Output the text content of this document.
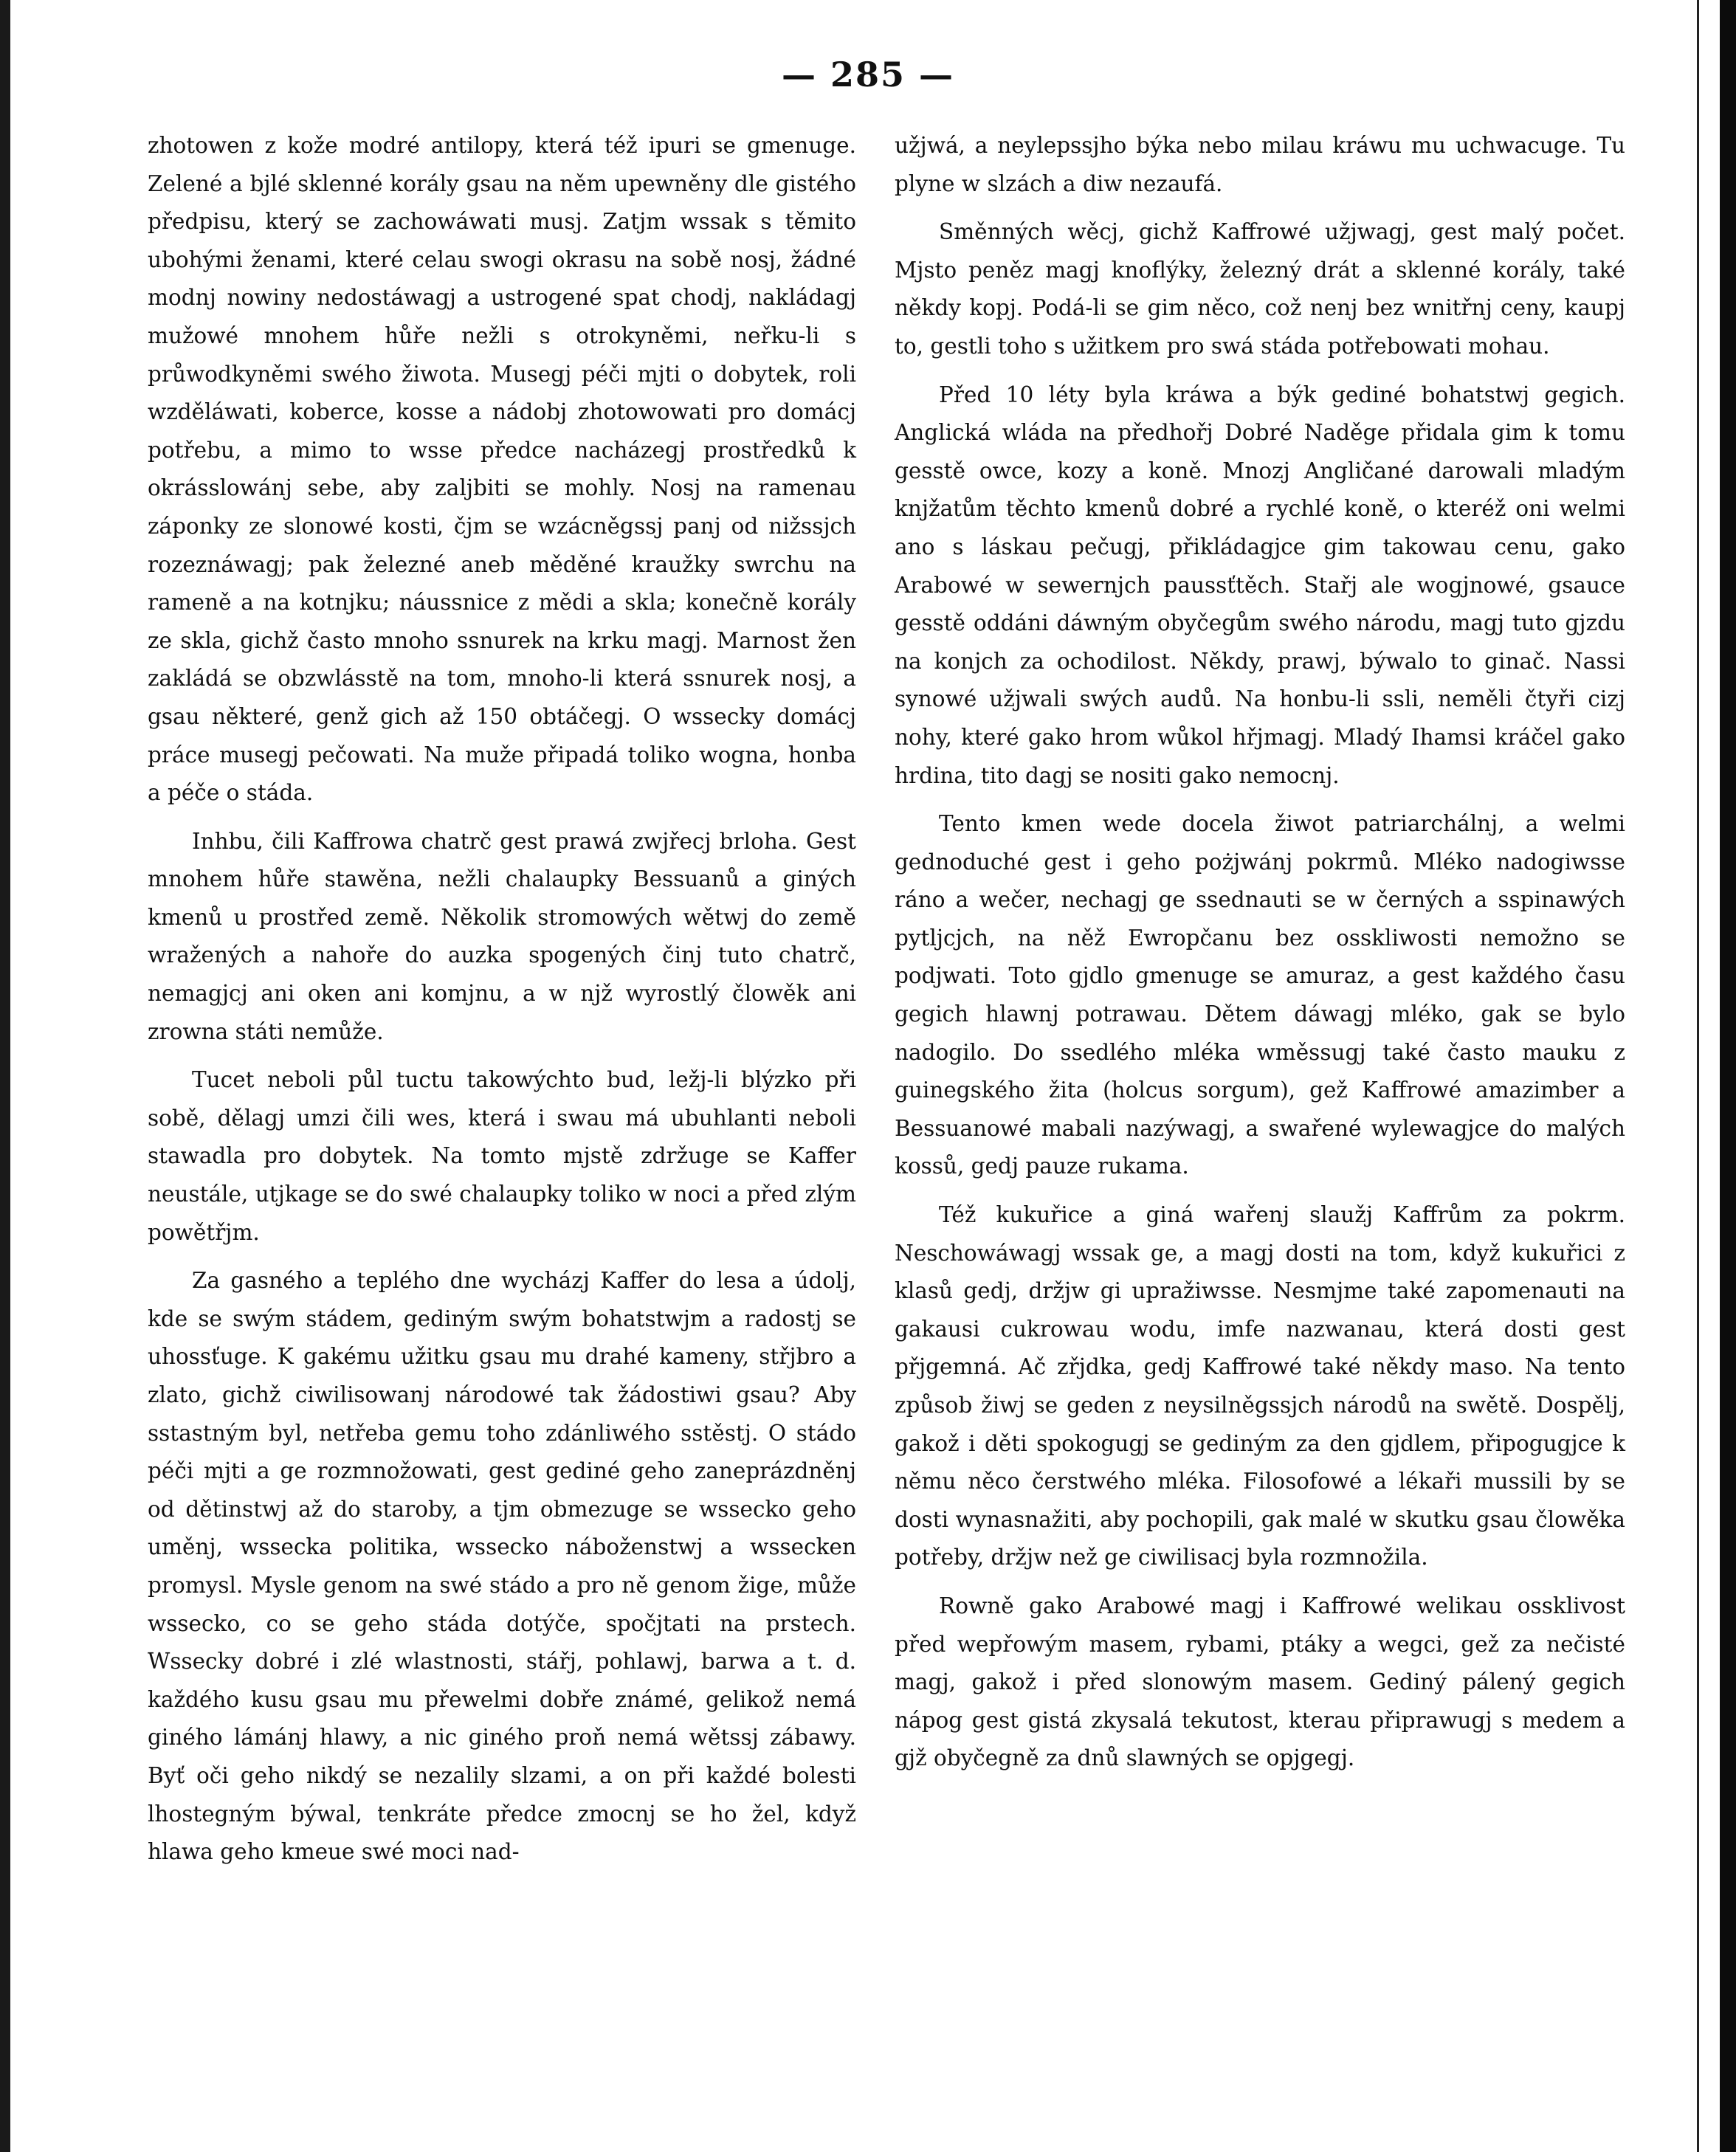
— 285 —

zhotowen z kože modré antilopy, která též ipuri se gmenuge. Zelené a bjlé sklenné korály gsau na něm upewněny dle gistého předpisu, který se zachowáwati musj. Zatjm wssak s těmito ubohými ženami, které celau swogi okrasu na sobě nosj, žádné modnj nowiny nedostáwagj a ustrogené spat chodj, nakládagj mužowé mnohem hůře nežli s otrokyněmi, neřku-li s průwodkyněmi swého žiwota. Musegj péči mjti o dobytek, roli wzděláwati, koberce, kosse a nádobj zhotowowati pro domácj potřebu, a mimo to wsse předce nacházegj prostředků k okrásslowánj sebe, aby zaljbiti se mohly. Nosj na ramenau záponky ze slonowé kosti, čjm se wzácněgssj panj od nižssjch rozeznáwagj; pak železné aneb měděné kraužky swrchu na rameně a na kotnjku; náussnice z mědi a skla; konečně korály ze skla, gichž často mnoho ssnurek na krku magj. Marnost žen zakládá se obzwlásstě na tom, mnoho-li která ssnurek nosj, a gsau některé, genž gich až 150 obtáčegj. O wssecky domácj práce musegj pečowati. Na muže připadá toliko wogna, honba a péče o stáda.

Inhbu, čili Kaffrowa chatrč gest prawá zwjřecj brloha. Gest mnohem hůře stawěna, nežli chalaupky Bessuanů a giných kmenů u prostřed země. Několik stromowých wětwj do země wražených a nahoře do auzka spogených činj tuto chatrč, nemagjcj ani oken ani komjnu, a w njž wyrostlý člowěk ani zrowna státi nemůže.

Tucet neboli půl tuctu takowýchto bud, ležj-li blýzko při sobě, dělagj umzi čili wes, která i swau má ubuhlanti neboli stawadla pro dobytek. Na tomto mjstě zdržuge se Kaffer neustále, utjkage se do swé chalaupky toliko w noci a před zlým powětřjm.

Za gasného a teplého dne wycházj Kaffer do lesa a údolj, kde se swým stádem, gediným swým bohatstwjm a radostj se uhossťuge. K gakému užitku gsau mu drahé kameny, střjbro a zlato, gichž ciwilisowanj národowé tak žádostiwi gsau? Aby sstastným byl, netřeba gemu toho zdánliwého sstěstj. O stádo péči mjti a ge rozmnožowati, gest gediné geho zaneprázdněnj od dětinstwj až do staroby, a tjm obmezuge se wssecko geho uměnj, wssecka politika, wssecko náboženstwj a wssecken promysl. Mysle genom na swé stádo a pro ně genom žige, může wssecko, co se geho stáda dotýče, spočjtati na prstech. Wssecky dobré i zlé wlastnosti, stářj, pohlawj, barwa a t. d. každého kusu gsau mu přewelmi dobře známé, gelikož nemá giného lámánj hlawy, a nic giného proň nemá wětssj zábawy. Byť oči geho nikdý se nezalily slzami, a on při každé bolesti lhostegným býwal, tenkráte předce zmocnj se ho žel, když hlawa geho kmeue swé moci nad-

užjwá, a neylepssjho býka nebo milau kráwu mu uchwacuge. Tu plyne w slzách a diw nezaufá.

Směnných wěcj, gichž Kaffrowé užjwagj, gest malý počet. Mjsto peněz magj knoflýky, železný drát a sklenné korály, také někdy kopj. Podá-li se gim něco, což nenj bez wnitřnj ceny, kaupj to, gestli toho s užitkem pro swá stáda potřebowati mohau.

Před 10 léty byla kráwa a býk gediné bohatstwj gegich. Anglická wláda na předhořj Dobré Naděge přidala gim k tomu gesstě owce, kozy a koně. Mnozj Angličané darowali mladým knjžatům těchto kmenů dobré a rychlé koně, o kteréž oni welmi ano s láskau pečugj, přikládagjce gim takowau cenu, gako Arabowé w sewernjch paussťtěch. Stařj ale wogjnowé, gsauce gesstě oddáni dáwným obyčegům swého národu, magj tuto gjzdu na konjch za ochodilost. Někdy, prawj, býwalo to ginač. Nassi synowé užjwali swých audů. Na honbu-li ssli, neměli čtyři cizj nohy, které gako hrom wůkol hřjmagj. Mladý Ihamsi kráčel gako hrdina, tito dagj se nositi gako nemocnj.

Tento kmen wede docela žiwot patriarchálnj, a welmi gednoduché gest i geho pożjwánj pokrmů. Mléko nadogiwsse ráno a wečer, nechagj ge ssednauti se w černých a sspinawých pytljcjch, na něž Ewropčanu bez osskliwosti nemožno se podjwati. Toto gjdlo gmenuge se amuraz, a gest každého času gegich hlawnj potrawau. Dětem dáwagj mléko, gak se bylo nadogilo. Do ssedlého mléka wměssugj také často mauku z guinegského žita (holcus sorgum), gež Kaffrowé amazimber a Bessuanowé mabali nazýwagj, a swařené wylewagjce do malých kossů, gedj pauze rukama.

Též kukuřice a giná wařenj slaužj Kaffrům za pokrm. Neschowáwagj wssak ge, a magj dosti na tom, když kukuřici z klasů gedj, držjw gi upražiwsse. Nesmjme také zapomenauti na gakausi cukrowau wodu, imfe nazwanau, která dosti gest přjgemná. Ač zřjdka, gedj Kaffrowé také někdy maso. Na tento způsob žiwj se geden z neysilněgssjch národů na swětě. Dospělj, gakož i děti spokogugj se gediným za den gjdlem, připogugjce k němu něco čerstwého mléka. Filosofowé a lékaři mussili by se dosti wynasnažiti, aby pochopili, gak malé w skutku gsau člowěka potřeby, držjw než ge ciwilisacj byla rozmnožila.

Rowně gako Arabowé magj i Kaffrowé welikau ossklivost před wepřowým masem, rybami, ptáky a wegci, gež za nečisté magj, gakož i před slonowým masem. Gediný pálený gegich nápog gest gistá zkysalá tekutost, kterau připrawugj s medem a gjž obyčegně za dnů slawných se opjgegj.
